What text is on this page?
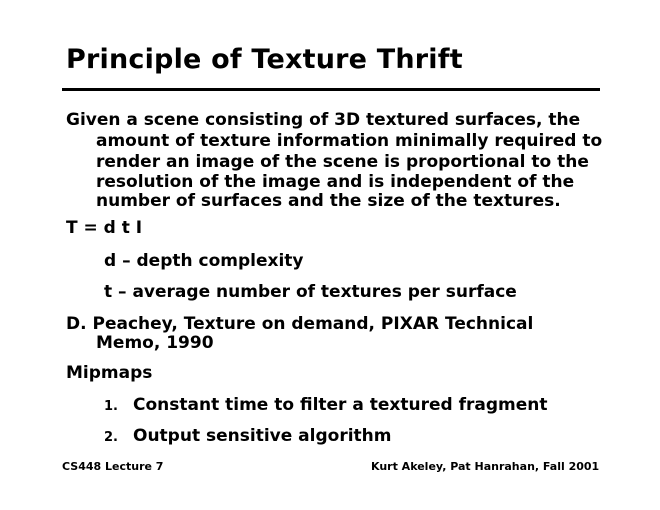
Principle of Texture Thrift
Given a scene consisting of 3D textured surfaces, the
amount of texture information minimally required to
render an image of the scene is proportional to the
resolution of the image and is independent of the
number of surfaces and the size of the textures.
T = d t I
d – depth complexity
t – average number of textures per surface
D. Peachey, Texture on demand, PIXAR Technical
Memo, 1990
Mipmaps
1. Constant time to filter a textured fragment
2. Output sensitive algorithm
CS448 Lecture 7	Kurt Akeley, Pat Hanrahan, Fall 2001
